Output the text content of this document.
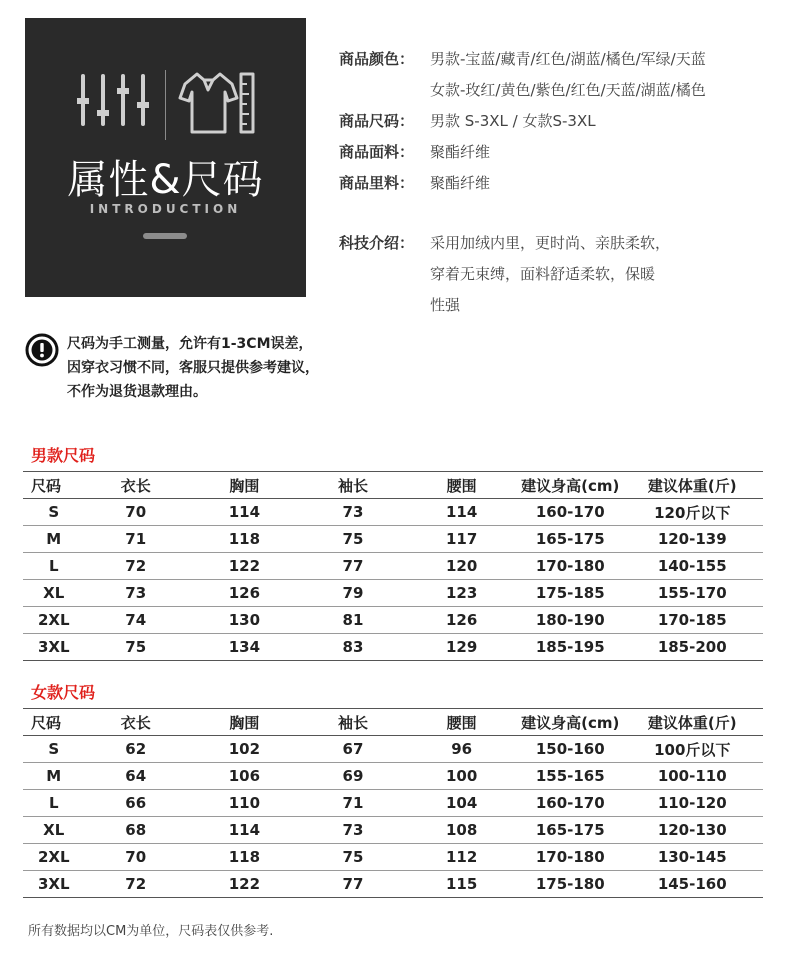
属性&尺码
INTRODUCTION
商品颜色： 男款-宝蓝/藏青/红色/湖蓝/橘色/军绿/天蓝
女款-玫红/黄色/紫色/红色/天蓝/湖蓝/橘色
商品尺码： 男款 S-3XL / 女款S-3XL
商品面料： 聚酯纤维
商品里料： 聚酯纤维
科技介绍： 采用加绒内里，更时尚、亲肤柔软，
穿着无束缚，面料舒适柔软，保暖
性强
尺码为手工测量，允许有1-3CM误差，
因穿衣习惯不同，客服只提供参考建议，
不作为退货退款理由。
男款尺码
尺码	衣长	胸围	袖长	腰围	建议身高(cm)	建议体重(斤)
S	70	114	73	114	160-170	120斤以下
M	71	118	75	117	165-175	120-139
L	72	122	77	120	170-180	140-155
XL	73	126	79	123	175-185	155-170
2XL	74	130	81	126	180-190	170-185
3XL	75	134	83	129	185-195	185-200
女款尺码
尺码	衣长	胸围	袖长	腰围	建议身高(cm)	建议体重(斤)
S	62	102	67	96	150-160	100斤以下
M	64	106	69	100	155-165	100-110
L	66	110	71	104	160-170	110-120
XL	68	114	73	108	165-175	120-130
2XL	70	118	75	112	170-180	130-145
3XL	72	122	77	115	175-180	145-160
所有数据均以CM为单位，尺码表仅供参考.
